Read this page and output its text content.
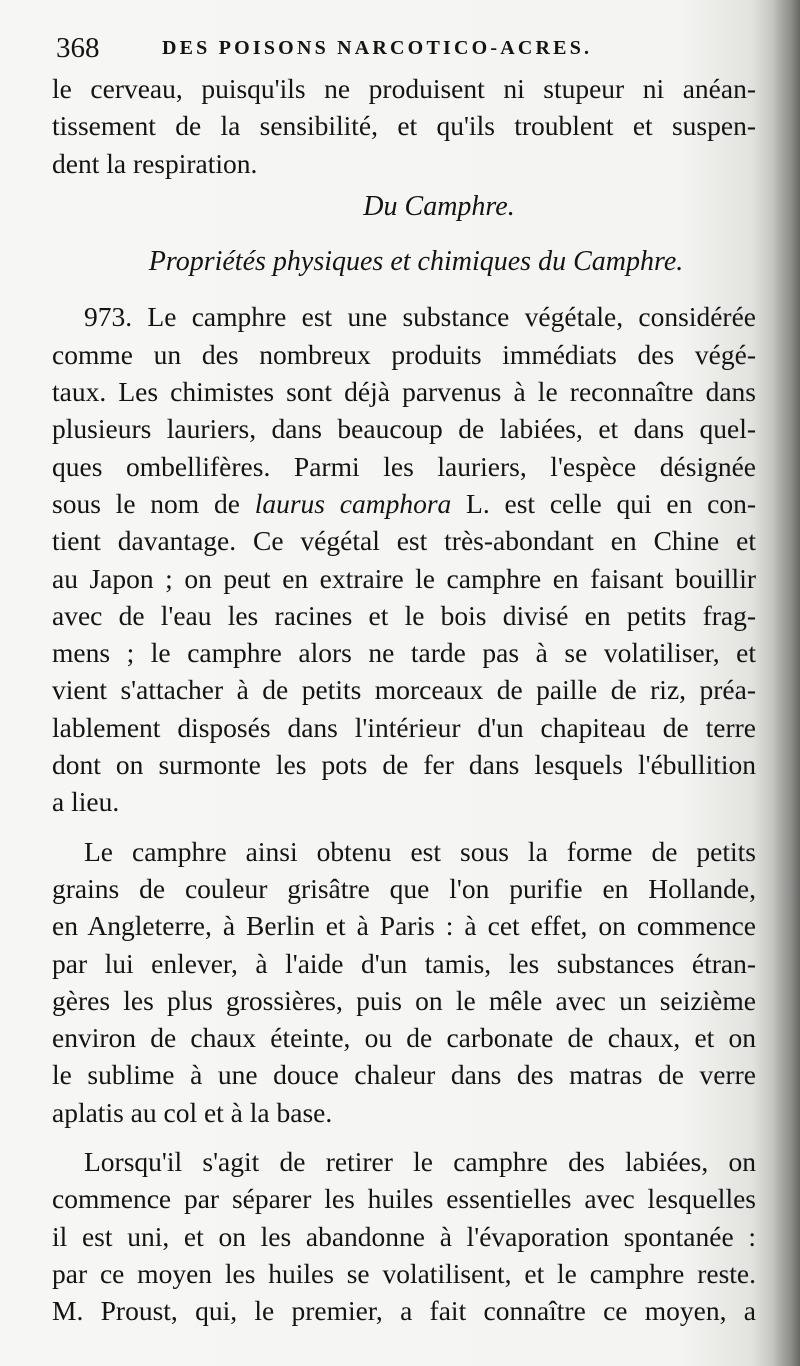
368	DES POISONS NARCOTICO-ACRES.
le cerveau, puisqu'ils ne produisent ni stupeur ni anéan-
tissement de la sensibilité, et qu'ils troublent et suspen-
dent la respiration.
Du Camphre.
Propriétés physiques et chimiques du Camphre.
973. Le camphre est une substance végétale, considérée
comme un des nombreux produits immédiats des végé-
taux. Les chimistes sont déjà parvenus à le reconnaître dans
plusieurs lauriers, dans beaucoup de labiées, et dans quel-
ques ombellifères. Parmi les lauriers, l'espèce désignée
sous le nom de laurus camphora L. est celle qui en con-
tient davantage. Ce végétal est très-abondant en Chine et
au Japon ; on peut en extraire le camphre en faisant bouillir
avec de l'eau les racines et le bois divisé en petits frag-
mens ; le camphre alors ne tarde pas à se volatiliser, et
vient s'attacher à de petits morceaux de paille de riz, préa-
lablement disposés dans l'intérieur d'un chapiteau de terre
dont on surmonte les pots de fer dans lesquels l'ébullition
a lieu.
Le camphre ainsi obtenu est sous la forme de petits
grains de couleur grisâtre que l'on purifie en Hollande,
en Angleterre, à Berlin et à Paris : à cet effet, on commence
par lui enlever, à l'aide d'un tamis, les substances étran-
gères les plus grossières, puis on le mêle avec un seizième
environ de chaux éteinte, ou de carbonate de chaux, et on
le sublime à une douce chaleur dans des matras de verre
aplatis au col et à la base.
Lorsqu'il s'agit de retirer le camphre des labiées, on
commence par séparer les huiles essentielles avec lesquelles
il est uni, et on les abandonne à l'évaporation spontanée :
par ce moyen les huiles se volatilisent, et le camphre reste.
M. Proust, qui, le premier, a fait connaître ce moyen, a
